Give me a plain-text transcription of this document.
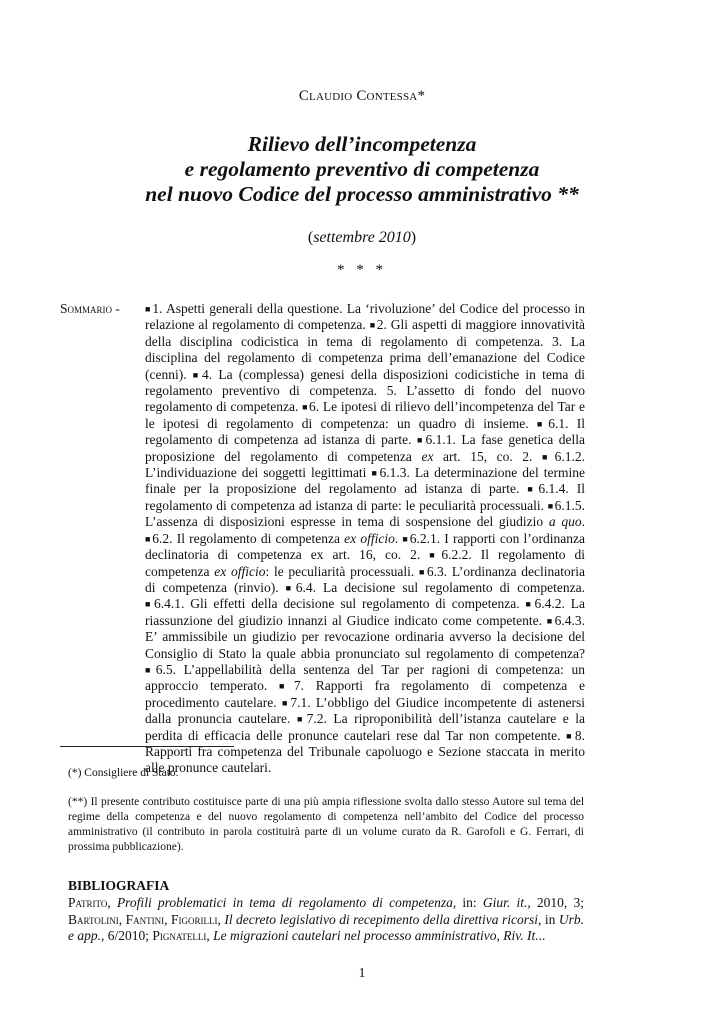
Claudio Contessa*
Rilievo dell’incompetenza
e regolamento preventivo di competenza
nel nuovo Codice del processo amministrativo **
(settembre 2010)
* * *
Sommario -	■1. Aspetti generali della questione. La ‘rivoluzione’ del Codice del processo in relazione al regolamento di competenza. ■2. Gli aspetti di maggiore innovatività della disciplina codicistica in tema di regolamento di competenza. 3. La disciplina del regolamento di competenza prima dell’emanazione del Codice (cenni). ■4. La (complessa) genesi della disposizioni codicistiche in tema di regolamento preventivo di competenza. 5. L’assetto di fondo del nuovo regolamento di competenza. ■6. Le ipotesi di rilievo dell’incompetenza del Tar e le ipotesi di regolamento di competenza: un quadro di insieme. ■6.1. Il regolamento di competenza ad istanza di parte. ■6.1.1. La fase genetica della proposizione del regolamento di competenza ex art. 15, co. 2. ■6.1.2. L’individuazione dei soggetti legittimati ■6.1.3. La determinazione del termine finale per la proposizione del regolamento ad istanza di parte. ■6.1.4. Il regolamento di competenza ad istanza di parte: le peculiarità processuali. ■6.1.5. L’assenza di disposizioni espresse in tema di sospensione del giudizio a quo. ■6.2. Il regolamento di competenza ex officio. ■6.2.1. I rapporti con l’ordinanza declinatoria di competenza ex art. 16, co. 2. ■6.2.2. Il regolamento di competenza ex officio: le peculiarità processuali. ■6.3. L’ordinanza declinatoria di competenza (rinvio). ■6.4. La decisione sul regolamento di competenza. ■6.4.1. Gli effetti della decisione sul regolamento di competenza. ■6.4.2. La riassunzione del giudizio innanzi al Giudice indicato come competente. ■6.4.3. E’ ammissibile un giudizio per revocazione ordinaria avverso la decisione del Consiglio di Stato la quale abbia pronunciato sul regolamento di competenza? ■6.5. L’appellabilità della sentenza del Tar per ragioni di competenza: un approccio temperato. ■7. Rapporti fra regolamento di competenza e procedimento cautelare. ■7.1. L’obbligo del Giudice incompetente di astenersi dalla pronuncia cautelare. ■7.2. La riproponibilità dell’istanza cautelare e la perdita di efficacia delle pronunce cautelari rese dal Tar non competente. ■8. Rapporti fra competenza del Tribunale capoluogo e Sezione staccata in merito alle pronunce cautelari.
(*) Consigliere di Stato.
(**) Il presente contributo costituisce parte di una più ampia riflessione svolta dallo stesso Autore sul tema del regime della competenza e del nuovo regolamento di competenza nell’ambito del Codice del processo amministrativo (il contributo in parola costituirà parte di un volume curato da R. Garofoli e G. Ferrari, di prossima pubblicazione).
BIBLIOGRAFIA
Patrito, Profili problematici in tema di regolamento di competenza, in: Giur. it., 2010, 3; Bartolini, Fantini, Figorilli, Il decreto legislativo di recepimento della direttiva ricorsi, in Urb. e app., 6/2010; Pignatelli, Le migrazioni cautelari nel processo amministrativo, Riv. It...
1
